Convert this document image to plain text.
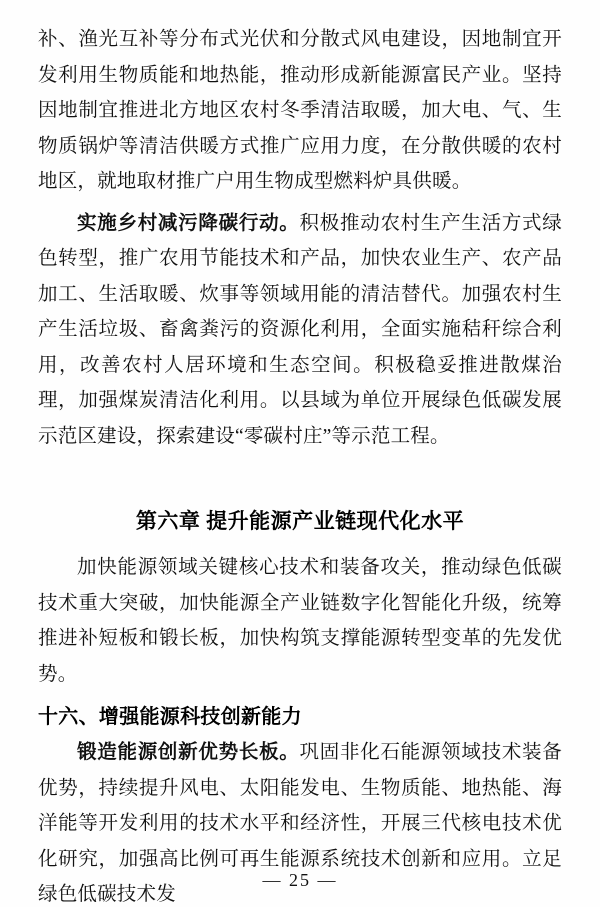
补、渔光互补等分布式光伏和分散式风电建设，因地制宜开发利用生物质能和地热能，推动形成新能源富民产业。坚持因地制宜推进北方地区农村冬季清洁取暖，加大电、气、生物质锅炉等清洁供暖方式推广应用力度，在分散供暖的农村地区，就地取材推广户用生物成型燃料炉具供暖。

实施乡村减污降碳行动。积极推动农村生产生活方式绿色转型，推广农用节能技术和产品，加快农业生产、农产品加工、生活取暖、炊事等领域用能的清洁替代。加强农村生产生活垃圾、畜禽粪污的资源化利用，全面实施秸秆综合利用，改善农村人居环境和生态空间。积极稳妥推进散煤治理，加强煤炭清洁化利用。以县域为单位开展绿色低碳发展示范区建设，探索建设“零碳村庄”等示范工程。

第六章 提升能源产业链现代化水平

加快能源领域关键核心技术和装备攻关，推动绿色低碳技术重大突破，加快能源全产业链数字化智能化升级，统筹推进补短板和锻长板，加快构筑支撑能源转型变革的先发优势。

十六、增强能源科技创新能力

锻造能源创新优势长板。巩固非化石能源领域技术装备优势，持续提升风电、太阳能发电、生物质能、地热能、海洋能等开发利用的技术水平和经济性，开展三代核电技术优化研究，加强高比例可再生能源系统技术创新和应用。立足绿色低碳技术发

— 25 —
